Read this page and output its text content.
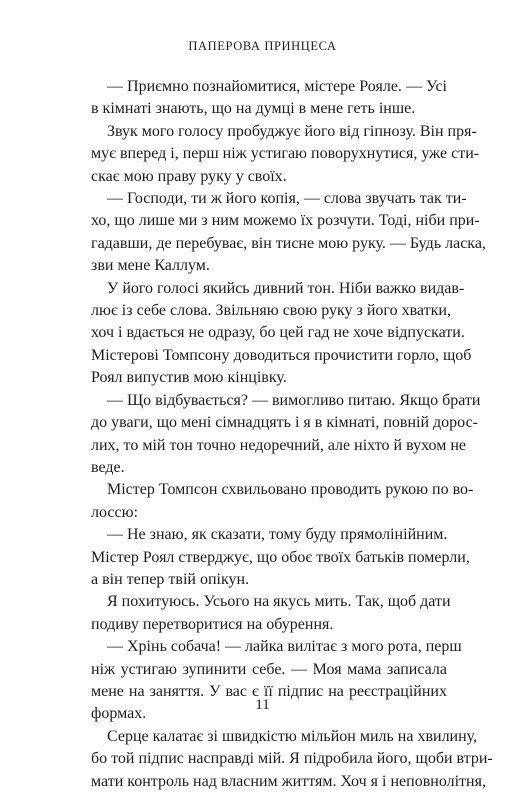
ПАПЕРОВА ПРИНЦЕСА
— Приємно познайомитися, містере Рояле. — Усі
в кімнаті знають, що на думці в мене геть інше.
Звук мого голосу пробуджує його від гіпнозу. Він пря-
мує вперед і, перш ніж устигаю поворухнутися, уже сти-
скає мою праву руку у своїх.
— Господи, ти ж його копія, — слова звучать так ти-
хо, що лише ми з ним можемо їх розчути. Тоді, ніби при-
гадавши, де перебуває, він тисне мою руку. — Будь ласка,
зви мене Каллум.
У його голосі якийсь дивний тон. Ніби важко видав-
лює із себе слова. Звільняю свою руку з його хватки,
хоч і вдається не одразу, бо цей гад не хоче відпускати.
Містерові Томпсону доводиться прочистити горло, щоб
Роял випустив мою кінцівку.
— Що відбувається? — вимогливо питаю. Якщо брати
до уваги, що мені сімнадцять і я в кімнаті, повній дорос-
лих, то мій тон точно недоречний, але ніхто й вухом не
веде.
Містер Томпсон схвильовано проводить рукою по во-
лоссю:
— Не знаю, як сказати, тому буду прямолінійним.
Містер Роял стверджує, що обоє твоїх батьків померли,
а він тепер твій опікун.
Я похитуюсь. Усього на якусь мить. Так, щоб дати
подиву перетворитися на обурення.
— Хрінь собача! — лайка вилітає з мого рота, перш
ніж устигаю зупинити себе. — Моя мама записала
мене на заняття. У вас є її підпис на реєстраційних
формах.
Серце калатає зі швидкістю мільйон миль на хвилину,
бо той підпис насправді мій. Я підробила його, щоби втри-
мати контроль над власним життям. Хоч я і неповнолітня,
11
